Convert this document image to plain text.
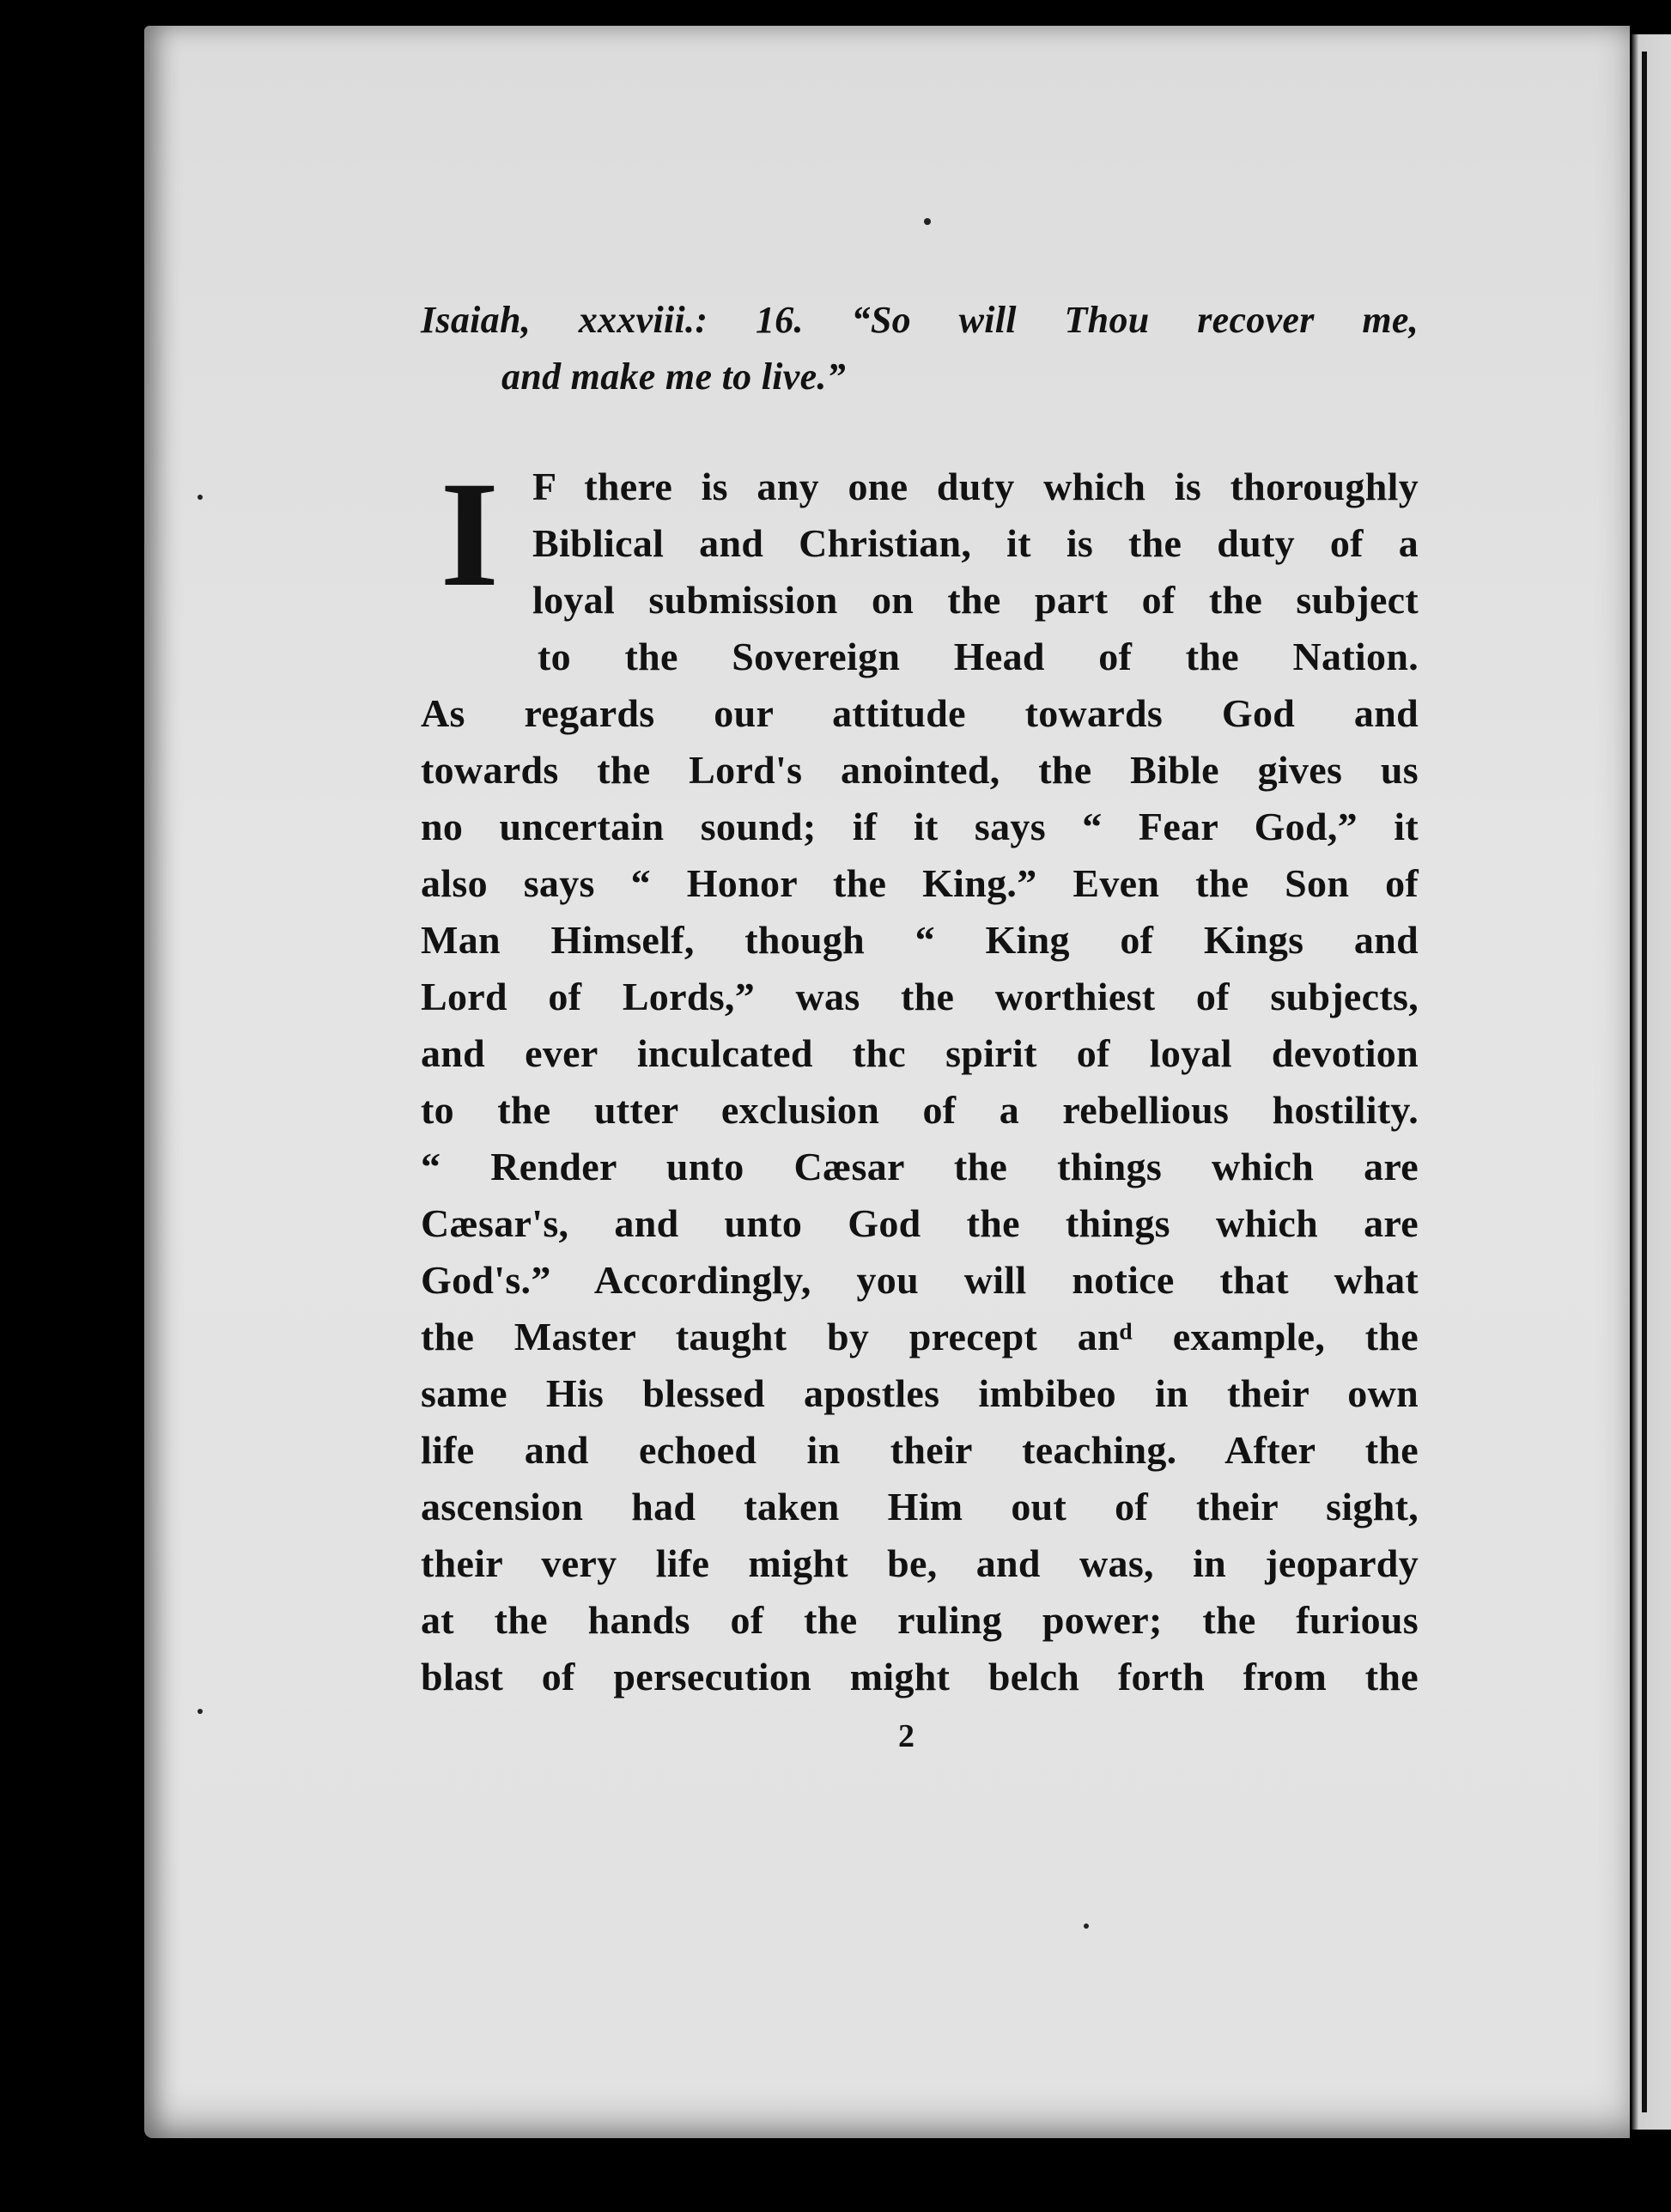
Isaiah, xxxviii.: 16. “So will Thou recover me,
and make me to live.”
I F there is any one duty which is thoroughly
Biblical and Christian, it is the duty of a
loyal submission on the part of the subject
to the Sovereign Head of the Nation.
As regards our attitude towards God and
towards the Lord's anointed, the Bible gives us
no uncertain sound; if it says “ Fear God,” it
also says “ Honor the King.” Even the Son of
Man Himself, though “ King of Kings and
Lord of Lords,” was the worthiest of subjects,
and ever inculcated thc spirit of loyal devotion
to the utter exclusion of a rebellious hostility.
“ Render unto Cæsar the things which are
Cæsar's, and unto God the things which are
God's.” Accordingly, you will notice that what
the Master taught by precept anᵈ example, the
same His blessed apostles imbibeo in their own
life and echoed in their teaching. After the
ascension had taken Him out of their sight,
their very life might be, and was, in jeopardy
at the hands of the ruling power; the furious
blast of persecution might belch forth from the
2
